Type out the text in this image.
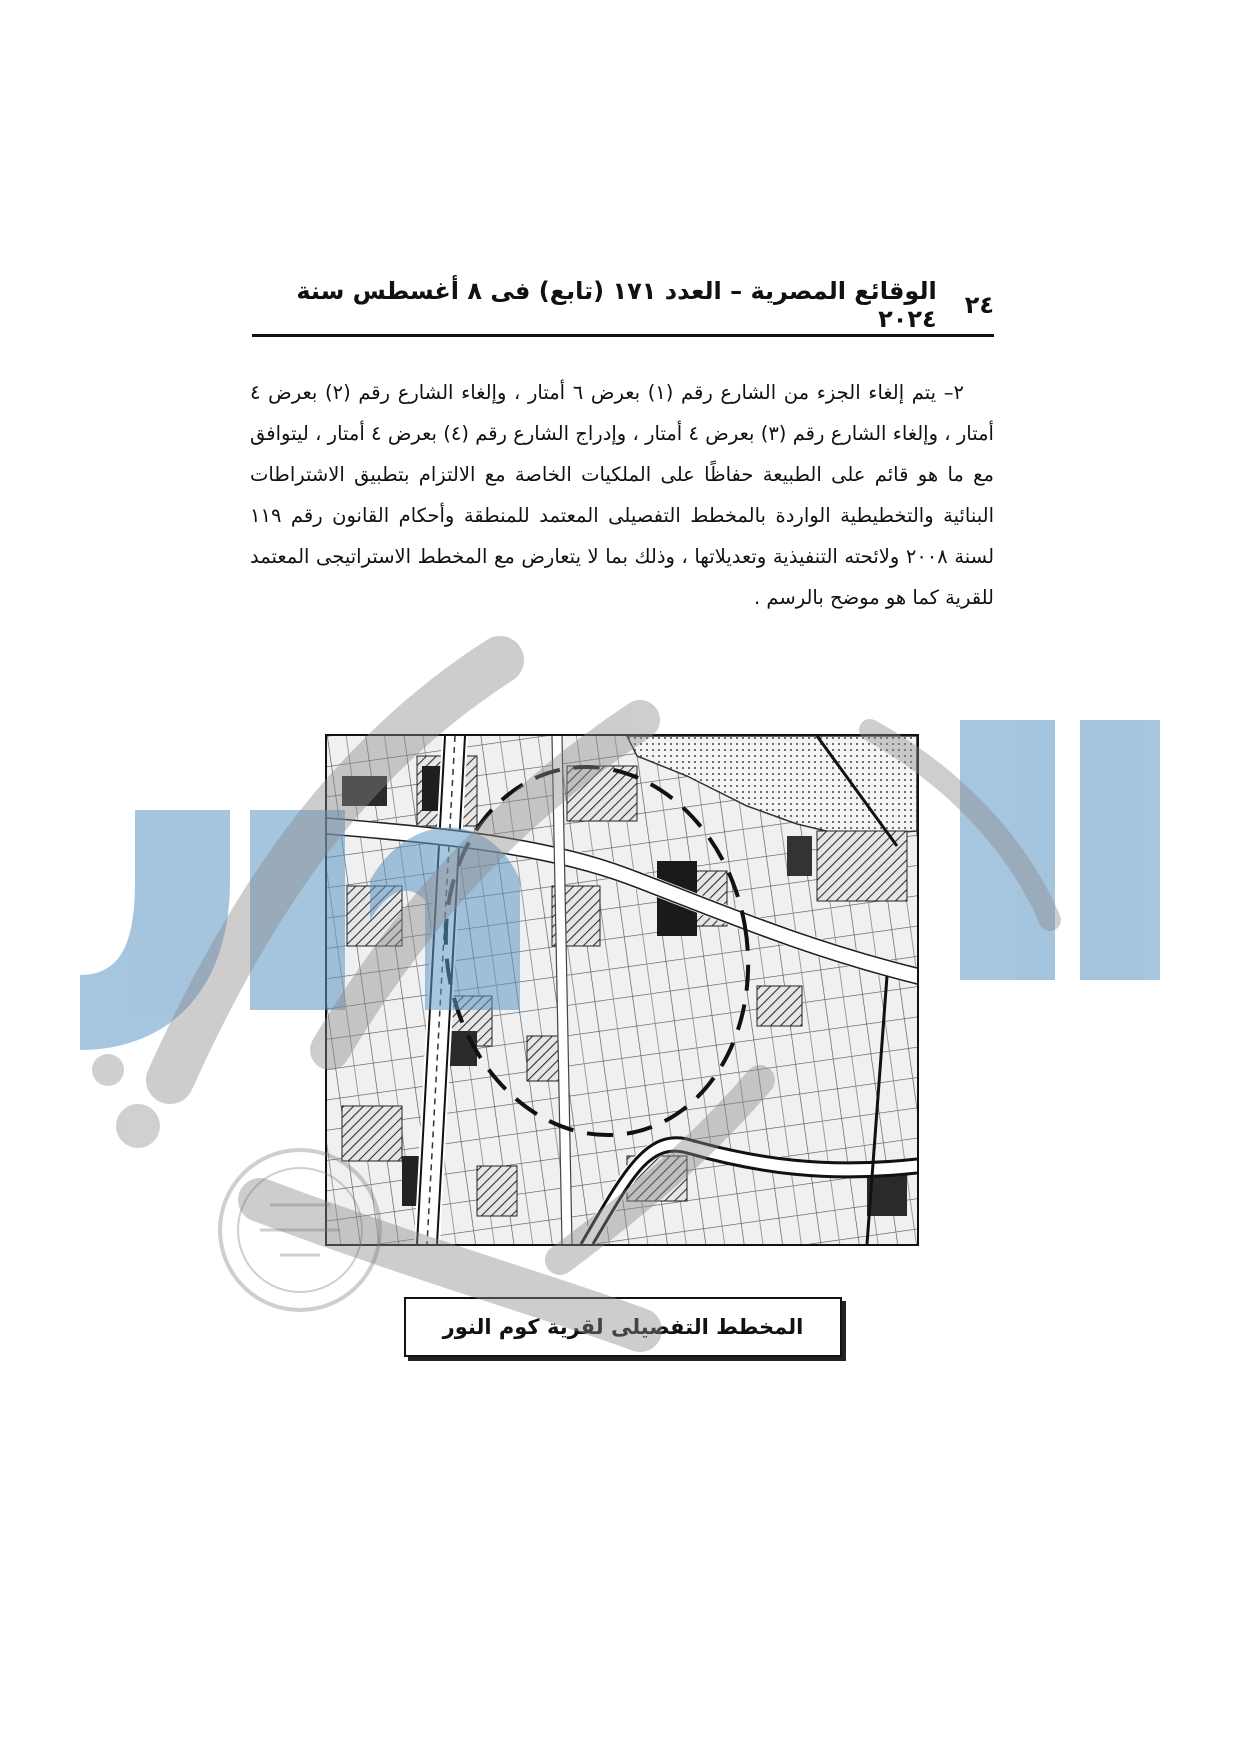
٢٤
الوقائع المصرية – العدد ١٧١ (تابع) فى ٨ أغسطس سنة ٢٠٢٤

٢– يتم إلغاء الجزء من الشارع رقم (١) بعرض ٦ أمتار ، وإلغاء الشارع رقم (٢) بعرض ٤ أمتار ، وإلغاء الشارع رقم (٣) بعرض ٤ أمتار ، وإدراج الشارع رقم (٤) بعرض ٤ أمتار ، ليتوافق مع ما هو قائم على الطبيعة حفاظًا على الملكيات الخاصة مع الالتزام بتطبيق الاشتراطات البنائية والتخطيطية الواردة بالمخطط التفصيلى المعتمد للمنطقة وأحكام القانون رقم ١١٩ لسنة ٢٠٠٨ ولائحته التنفيذية وتعديلاتها ، وذلك بما لا يتعارض مع المخطط الاستراتيجى المعتمد للقرية كما هو موضح بالرسم .

المخطط التفصيلى لقرية كوم النور
